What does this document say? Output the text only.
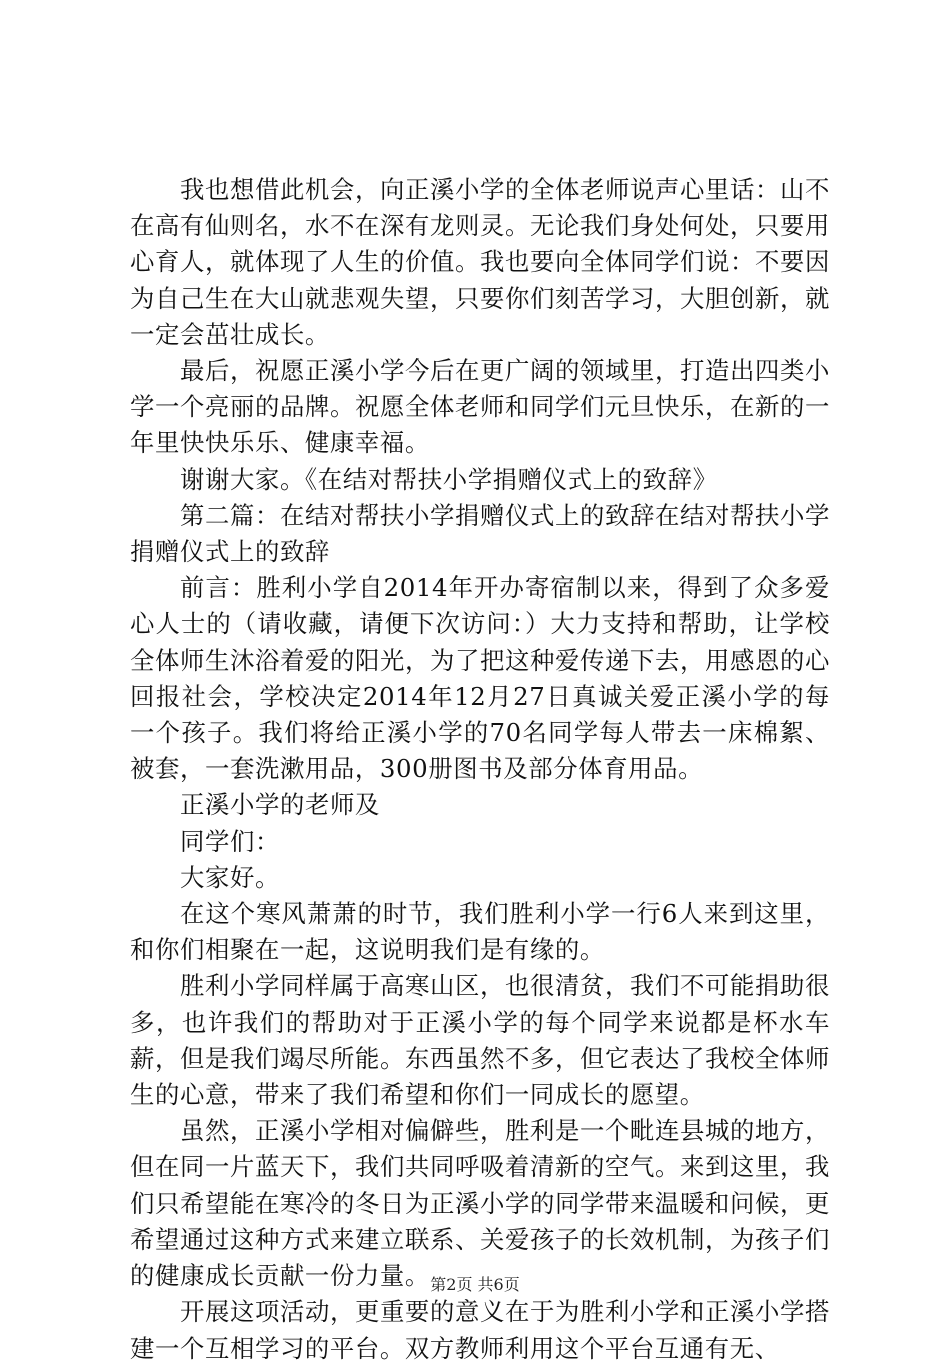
我也想借此机会，向正溪小学的全体老师说声心里话：山不在高有仙则名，水不在深有龙则灵。无论我们身处何处，只要用心育人，就体现了人生的价值。我也要向全体同学们说：不要因为自己生在大山就悲观失望，只要你们刻苦学习，大胆创新，就一定会茁壮成长。

最后，祝愿正溪小学今后在更广阔的领域里，打造出四类小学一个亮丽的品牌。祝愿全体老师和同学们元旦快乐，在新的一年里快快乐乐、健康幸福。

谢谢大家。《在结对帮扶小学捐赠仪式上的致辞》

第二篇：在结对帮扶小学捐赠仪式上的致辞在结对帮扶小学捐赠仪式上的致辞

前言：胜利小学自2014年开办寄宿制以来，得到了众多爱心人士的（请收藏，请便下次访问：）大力支持和帮助，让学校全体师生沐浴着爱的阳光，为了把这种爱传递下去，用感恩的心回报社会，学校决定2014年12月27日真诚关爱正溪小学的每一个孩子。我们将给正溪小学的70名同学每人带去一床棉絮、被套，一套洗漱用品，300册图书及部分体育用品。

正溪小学的老师及

同学们：

大家好。

在这个寒风萧萧的时节，我们胜利小学一行6人来到这里，和你们相聚在一起，这说明我们是有缘的。

胜利小学同样属于高寒山区，也很清贫，我们不可能捐助很多，也许我们的帮助对于正溪小学的每个同学来说都是杯水车薪，但是我们竭尽所能。东西虽然不多，但它表达了我校全体师生的心意，带来了我们希望和你们一同成长的愿望。

虽然，正溪小学相对偏僻些，胜利是一个毗连县城的地方，但在同一片蓝天下，我们共同呼吸着清新的空气。来到这里，我们只希望能在寒冷的冬日为正溪小学的同学带来温暖和问候，更希望通过这种方式来建立联系、关爱孩子的长效机制，为孩子们的健康成长贡献一份力量。

开展这项活动，更重要的意义在于为胜利小学和正溪小学搭建一个互相学习的平台。双方教师利用这个平台互通有无、

第2页 共6页
